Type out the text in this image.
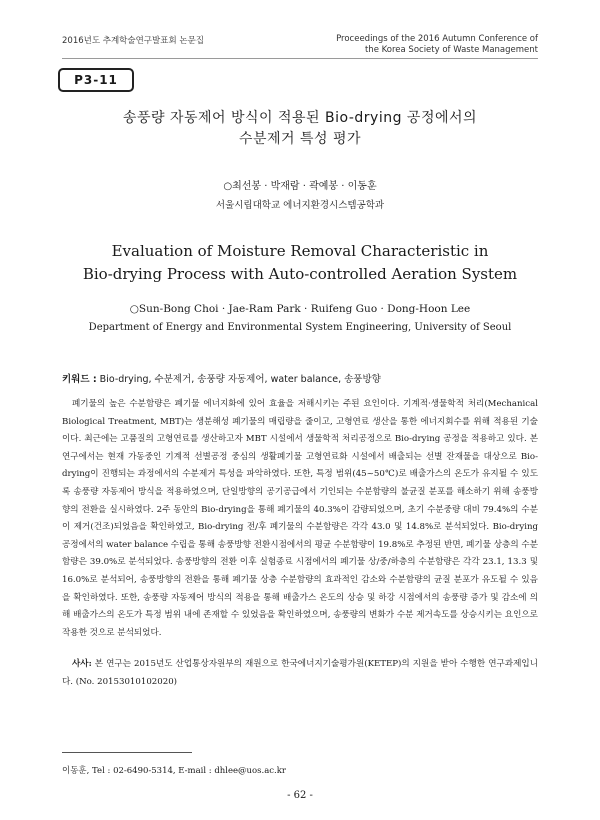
2016년도 추계학술연구발표회 논문집	Proceedings of the 2016 Autumn Conference of
the Korea Society of Waste Management
P3-11
송풍량 자동제어 방식이 적용된 Bio-drying 공정에서의
수분제거 특성 평가
○최선봉 · 박재람 · 곽예봉 · 이동훈
서울시립대학교 에너지환경시스템공학과
Evaluation of Moisture Removal Characteristic in
Bio-drying Process with Auto-controlled Aeration System
○Sun-Bong Choi · Jae-Ram Park · Ruifeng Guo · Dong-Hoon Lee
Department of Energy and Environmental System Engineering, University of Seoul
키워드 : Bio-drying, 수분제거, 송풍량 자동제어, water balance, 송풍방향

폐기물의 높은 수분함량은 폐기물 에너지화에 있어 효율을 저해시키는 주된 요인이다. 기계적·생물학적 처리(Mechanical Biological Treatment, MBT)는 생분해성 폐기물의 매립량을 줄이고, 고형연료 생산을 통한 에너지회수를 위해 적용된 기술이다. 최근에는 고품질의 고형연료를 생산하고자 MBT 시설에서 생물학적 처리공정으로 Bio-drying 공정을 적용하고 있다. 본 연구에서는 현재 가동중인 기계적 선별공정 중심의 생활폐기물 고형연료화 시설에서 배출되는 선별 잔재물을 대상으로 Bio-drying이 진행되는 과정에서의 수분제거 특성을 파악하였다. 또한, 특정 범위(45~50℃)로 배출가스의 온도가 유지될 수 있도록 송풍량 자동제어 방식을 적용하였으며, 단일방향의 공기공급에서 기인되는 수분함량의 불균질 분포를 해소하기 위해 송풍방향의 전환을 실시하였다. 2주 동안의 Bio-drying을 통해 폐기물의 40.3%이 감량되었으며, 초기 수분중량 대비 79.4%의 수분이 제거(건조)되었음을 확인하였고, Bio-drying 전/후 폐기물의 수분함량은 각각 43.0 및 14.8%로 분석되었다. Bio-drying 공정에서의 water balance 수립을 통해 송풍방향 전환시점에서의 평균 수분함량이 19.8%로 추정된 반면, 폐기물 상층의 수분함량은 39.0%로 분석되었다. 송풍방향의 전환 이후 실험종료 시점에서의 폐기물 상/중/하층의 수분함량은 각각 23.1, 13.3 및 16.0%로 분석되어, 송풍방향의 전환을 통해 폐기물 상층 수분함량의 효과적인 감소와 수분함량의 균질 분포가 유도될 수 있음을 확인하였다. 또한, 송풍량 자동제어 방식의 적용을 통해 배출가스 온도의 상승 및 하강 시점에서의 송풍량 증가 및 감소에 의해 배출가스의 온도가 특정 범위 내에 존재할 수 있었음을 확인하였으며, 송풍량의 변화가 수분 제거속도를 상승시키는 요인으로 작용한 것으로 분석되었다.

사사: 본 연구는 2015년도 산업통상자원부의 재원으로 한국에너지기술평가원(KETEP)의 지원을 받아 수행한 연구과제입니다. (No. 20153010102020)

이동훈, Tel : 02-6490-5314, E-mail : dhlee@uos.ac.kr
- 62 -
